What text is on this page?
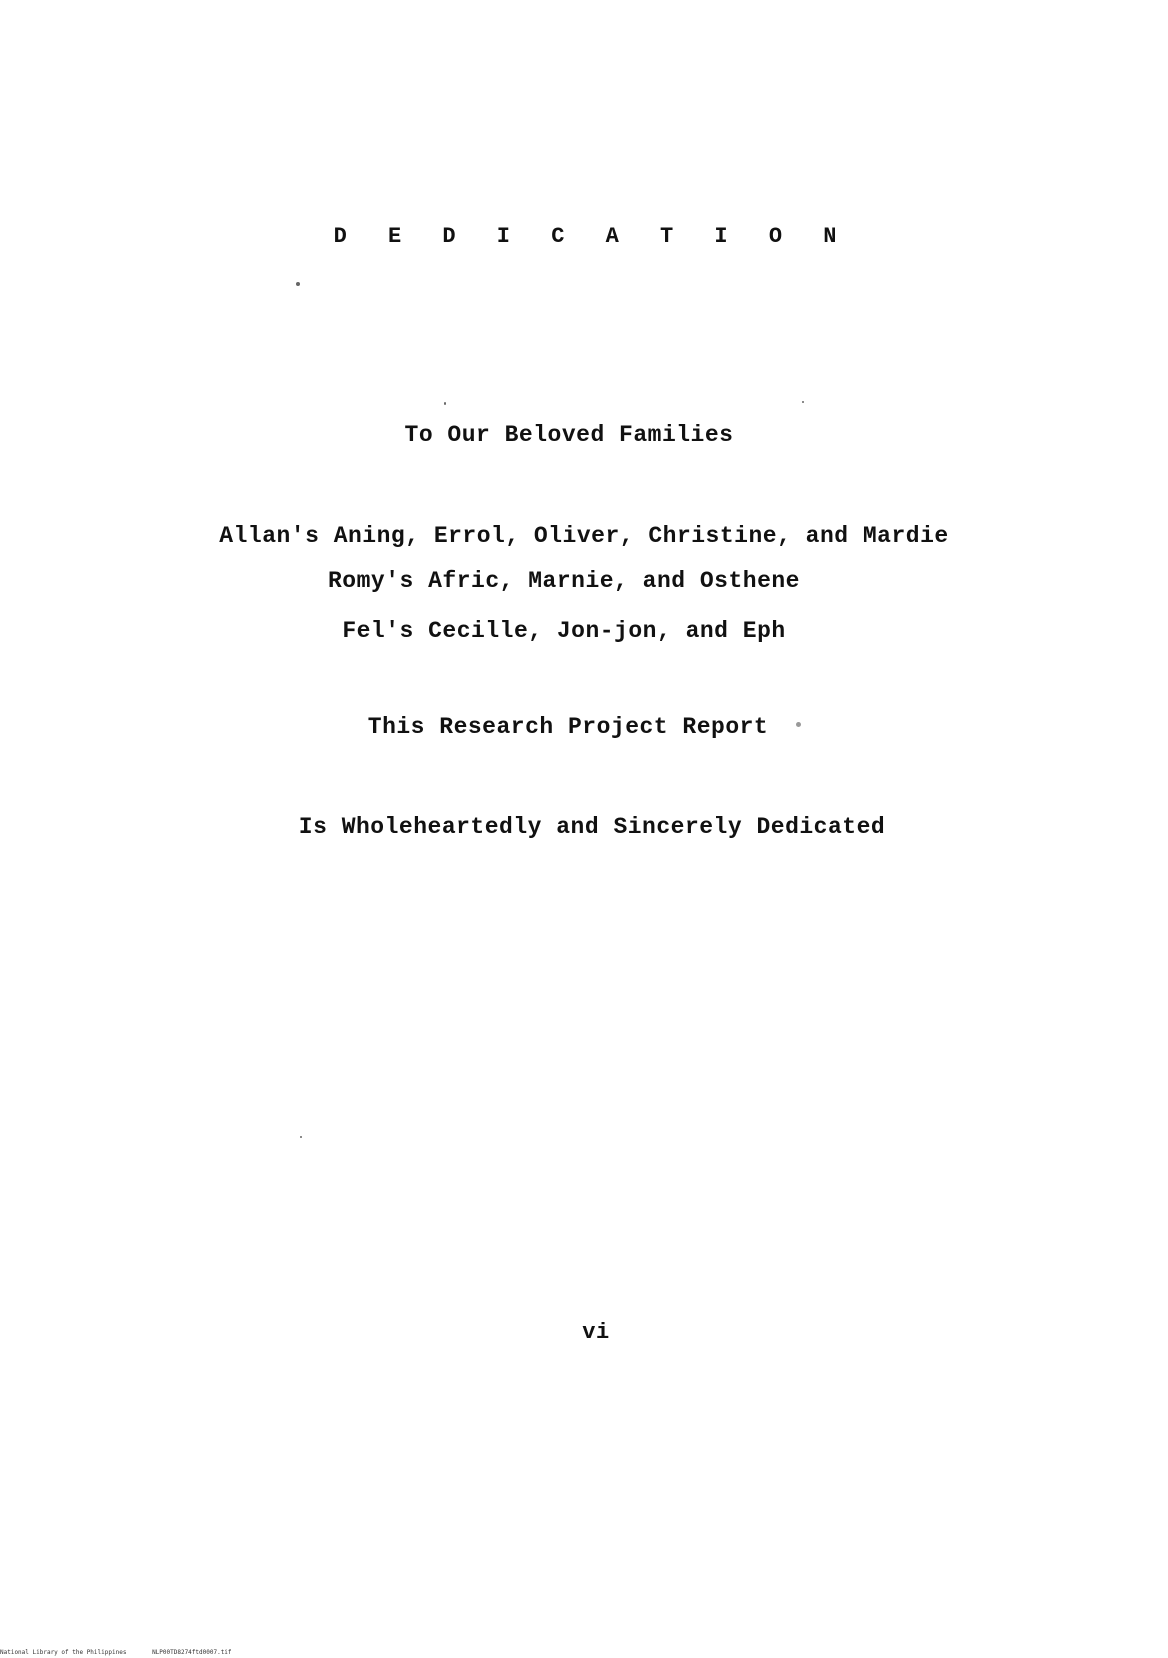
D E D I C A T I O N
To Our Beloved Families
Allan's Aning, Errol, Oliver, Christine, and Mardie
Romy's Afric, Marnie, and Osthene
Fel's Cecille, Jon-jon, and Eph
This Research Project Report
Is Wholeheartedly and Sincerely Dedicated
vi
National Library of the Philippines	NLP00TD8274ftd0007.tif
